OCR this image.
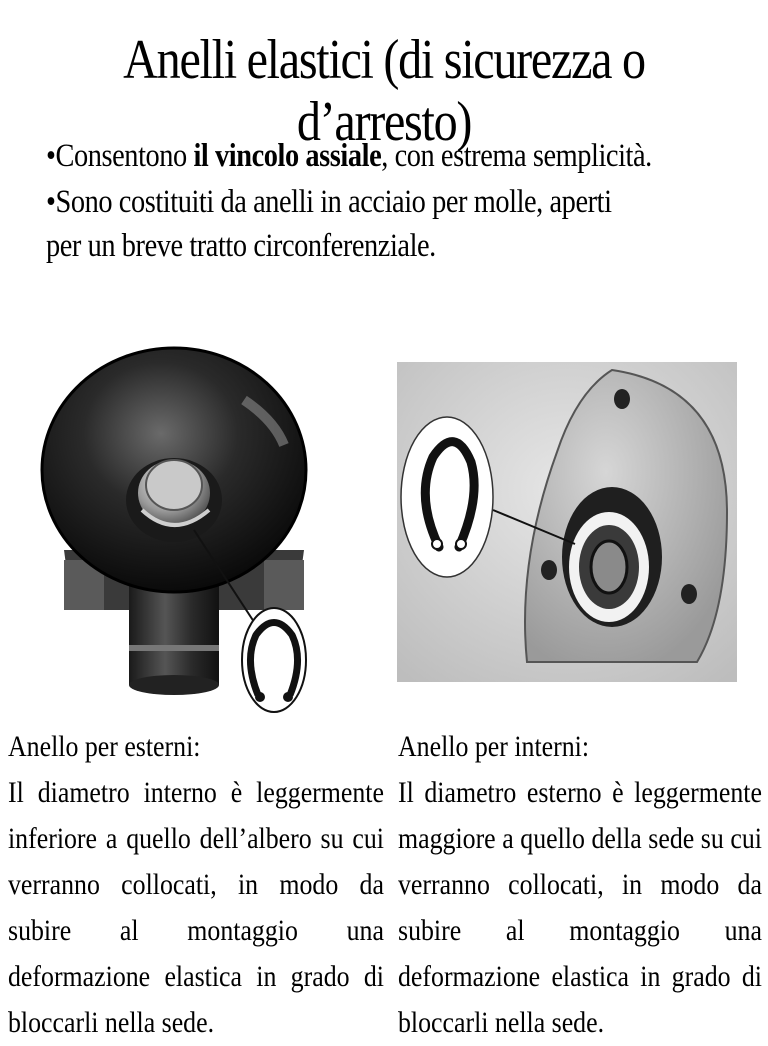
Anelli elastici (di sicurezza o d’arresto)

•Consentono il vincolo assiale, con estrema semplicità.

•Sono costituiti da anelli in acciaio per molle, aperti per un breve tratto circonferenziale.

Anello per esterni:
Il diametro interno è leggermente inferiore a quello dell’albero su cui verranno collocati, in modo da subire al montaggio una deformazione elastica in grado di bloccarli nella sede.
Anello per interni:
Il diametro esterno è leggermente maggiore a quello della sede su cui verranno collocati, in modo da subire al montaggio una deformazione elastica in grado di bloccarli nella sede.
